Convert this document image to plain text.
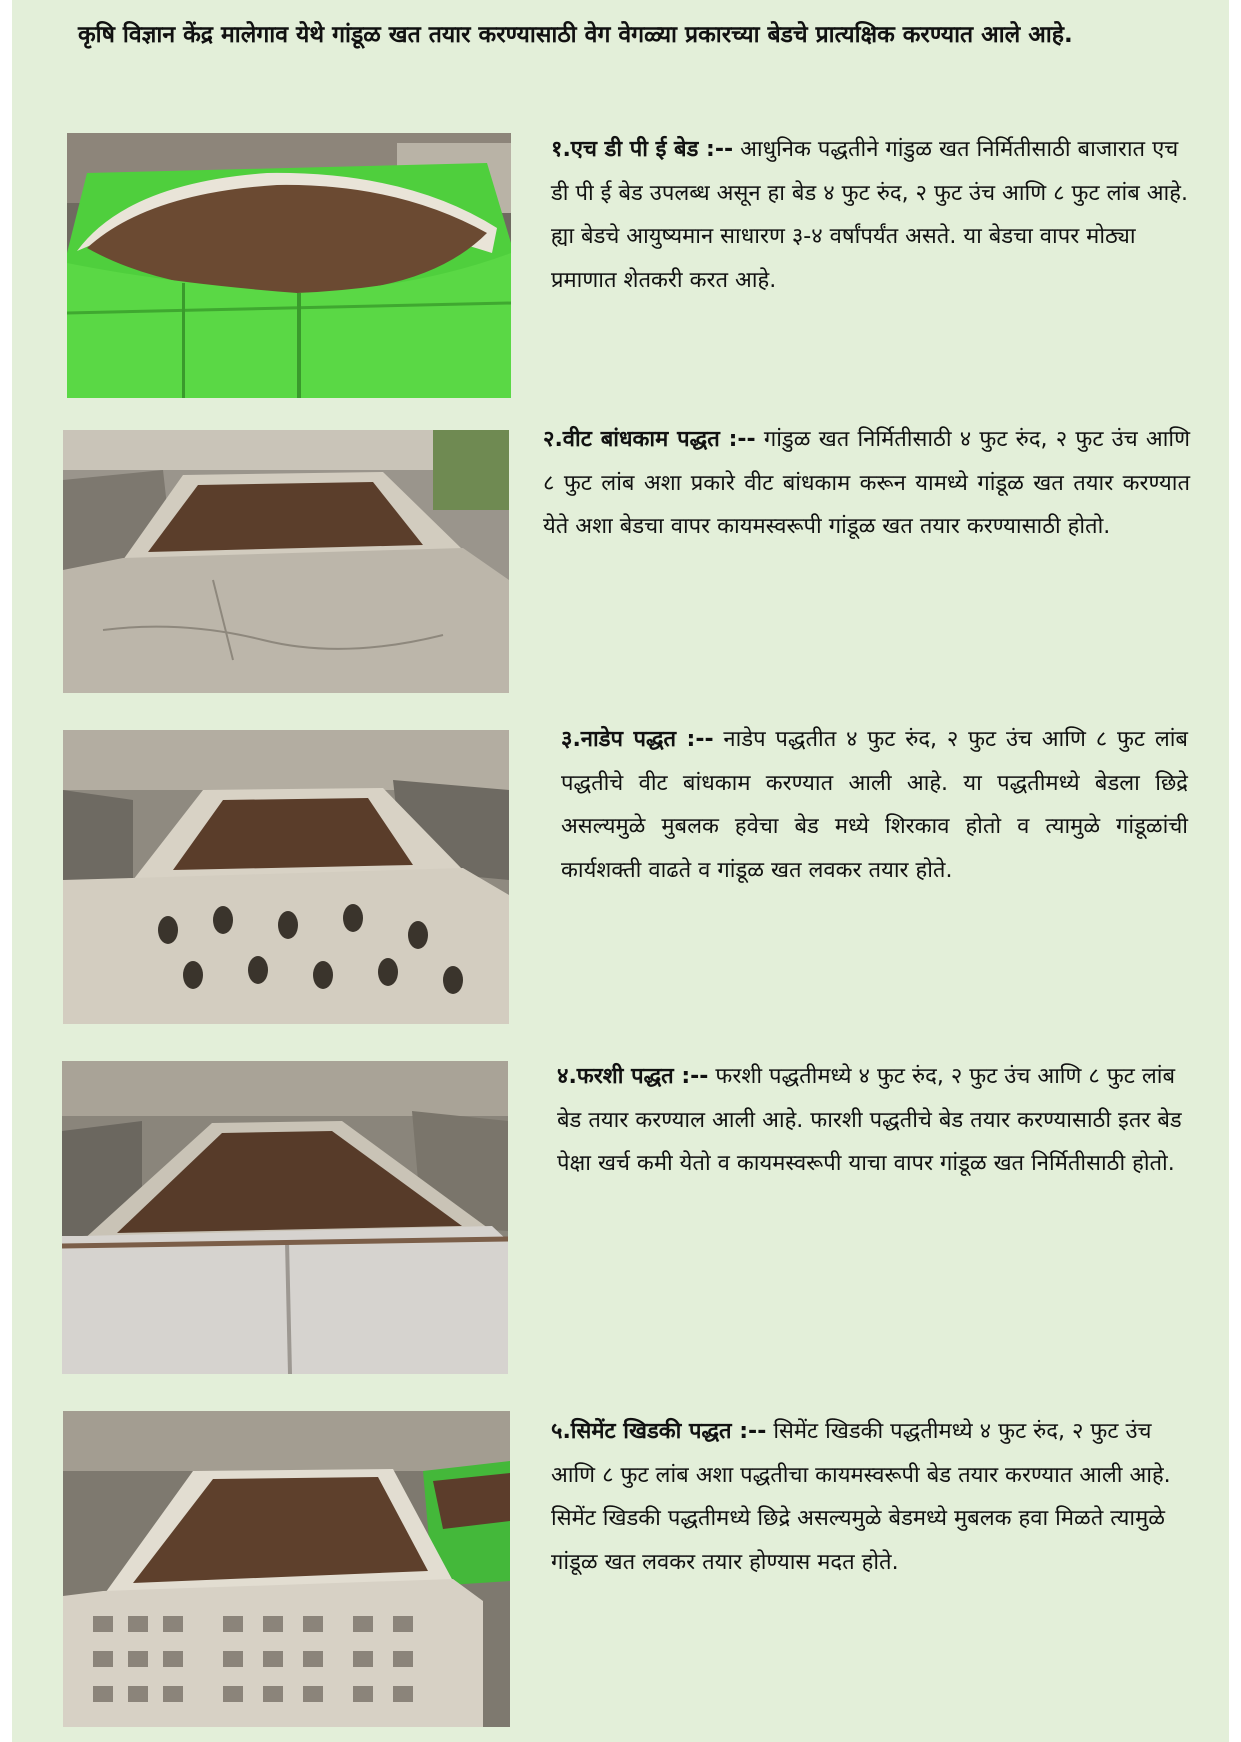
कृषि विज्ञान केंद्र मालेगाव येथे गांडूळ खत तयार करण्यासाठी वेग वेगळ्या प्रकारच्या बेडचे प्रात्यक्षिक करण्यात आले आहे.

१.एच डी पी ई बेड :-- आधुनिक पद्धतीने गांडुळ खत निर्मितीसाठी बाजारात एच डी पी ई बेड उपलब्ध असून हा बेड ४ फुट रुंद, २ फुट उंच आणि ८ फुट लांब आहे. ह्या बेडचे आयुष्यमान साधारण ३-४ वर्षांपर्यंत असते. या बेडचा वापर मोठ्या प्रमाणात शेतकरी करत आहे.

२.वीट बांधकाम पद्धत :-- गांडुळ खत निर्मितीसाठी ४ फुट रुंद, २ फुट उंच आणि ८ फुट लांब अशा प्रकारे वीट बांधकाम करून यामध्ये गांडूळ खत तयार करण्यात येते अशा बेडचा वापर कायमस्वरूपी गांडूळ खत तयार करण्यासाठी होतो.

३.नाडेप पद्धत :-- नाडेप पद्धतीत ४ फुट रुंद, २ फुट उंच आणि ८ फुट लांब पद्धतीचे वीट बांधकाम करण्यात आली आहे. या पद्धतीमध्ये बेडला छिद्रे असल्यमुळे मुबलक हवेचा बेड मध्ये शिरकाव होतो व त्यामुळे गांडूळांची कार्यशक्ती वाढते व गांडूळ खत लवकर तयार होते.

४.फरशी पद्धत :-- फरशी पद्धतीमध्ये ४ फुट रुंद, २ फुट उंच आणि ८ फुट लांब बेड तयार करण्याल आली आहे. फारशी पद्धतीचे बेड तयार करण्यासाठी इतर बेड पेक्षा खर्च कमी येतो व कायमस्वरूपी याचा वापर गांडूळ खत निर्मितीसाठी होतो.

५.सिमेंट खिडकी पद्धत :-- सिमेंट खिडकी पद्धतीमध्ये ४ फुट रुंद, २ फुट उंच आणि ८ फुट लांब अशा पद्धतीचा कायमस्वरूपी बेड तयार करण्यात आली आहे. सिमेंट खिडकी पद्धतीमध्ये छिद्रे असल्यमुळे बेडमध्ये मुबलक हवा मिळते त्यामुळे गांडूळ खत लवकर तयार होण्यास मदत होते.
